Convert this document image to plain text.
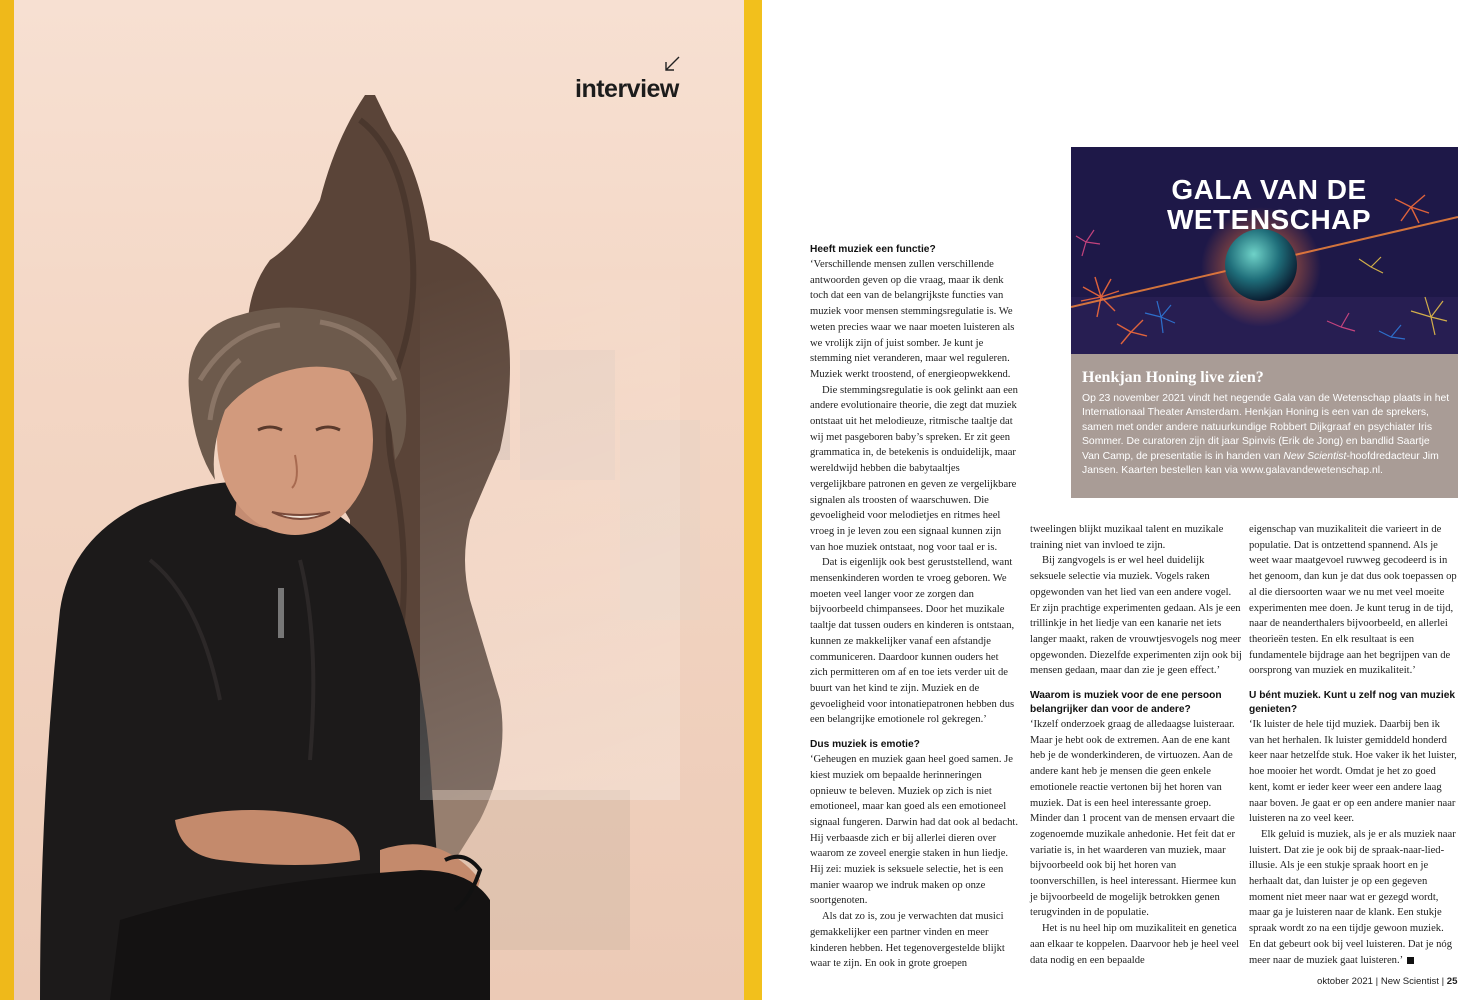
interview
Heeft muziek een functie?

‘Verschillende mensen zullen verschillende antwoorden geven op die vraag, maar ik denk toch dat een van de belangrijkste functies van muziek voor mensen stemmingsregulatie is. We weten precies waar we naar moeten luisteren als we vrolijk zijn of juist somber. Je kunt je stemming niet veranderen, maar wel reguleren. Muziek werkt troostend, of energieopwekkend.

Die stemmingsregulatie is ook gelinkt aan een andere evolutionaire theorie, die zegt dat muziek ontstaat uit het melodieuze, ritmische taaltje dat wij met pasgeboren baby’s spreken. Er zit geen grammatica in, de betekenis is onduidelijk, maar wereldwijd hebben die babytaaltjes vergelijkbare patronen en geven ze vergelijkbare signalen als troosten of waarschuwen. Die gevoeligheid voor melodietjes en ritmes heel vroeg in je leven zou een signaal kunnen zijn van hoe muziek ontstaat, nog voor taal er is.

Dat is eigenlijk ook best geruststellend, want mensenkinderen worden te vroeg geboren. We moeten veel langer voor ze zorgen dan bijvoorbeeld chimpansees. Door het muzikale taaltje dat tussen ouders en kinderen is ontstaan, kunnen ze makkelijker vanaf een afstandje communiceren. Daardoor kunnen ouders het zich permitteren om af en toe iets verder uit de buurt van het kind te zijn. Muziek en de gevoeligheid voor intonatiepatronen hebben dus een belangrijke emotionele rol gekregen.’

Dus muziek is emotie?

‘Geheugen en muziek gaan heel goed samen. Je kiest muziek om bepaalde herinneringen opnieuw te beleven. Muziek op zich is niet emotioneel, maar kan goed als een emotioneel signaal fungeren. Darwin had dat ook al bedacht. Hij verbaasde zich er bij allerlei dieren over waarom ze zoveel energie staken in hun liedje. Hij zei: muziek is seksuele selectie, het is een manier waarop we indruk maken op onze soortgenoten.

Als dat zo is, zou je verwachten dat musici gemakkelijker een partner vinden en meer kinderen hebben. Het tegenovergestelde blijkt waar te zijn. En ook in grote groepen

tweelingen blijkt muzikaal talent en muzikale training niet van invloed te zijn.

Bij zangvogels is er wel heel duidelijk seksuele selectie via muziek. Vogels raken opgewonden van het lied van een andere vogel. Er zijn prachtige experimenten gedaan. Als je een trillinkje in het liedje van een kanarie net iets langer maakt, raken de vrouwtjesvogels nog meer opgewonden. Diezelfde experimenten zijn ook bij mensen gedaan, maar dan zie je geen effect.’

Waarom is muziek voor de ene persoon belangrijker dan voor de andere?

‘Ikzelf onderzoek graag de alledaagse luisteraar. Maar je hebt ook de extremen. Aan de ene kant heb je de wonderkinderen, de virtuozen. Aan de andere kant heb je mensen die geen enkele emotionele reactie vertonen bij het horen van muziek. Dat is een heel interessante groep. Minder dan 1 procent van de mensen ervaart die zogenoemde muzikale anhedonie. Het feit dat er variatie is, in het waarderen van muziek, maar bijvoorbeeld ook bij het horen van toonverschillen, is heel interessant. Hiermee kun je bijvoorbeeld de mogelijk betrokken genen terugvinden in de populatie.

Het is nu heel hip om muzikaliteit en genetica aan elkaar te koppelen. Daarvoor heb je heel veel data nodig en een bepaalde

eigenschap van muzikaliteit die varieert in de populatie. Dat is ontzettend spannend. Als je weet waar maatgevoel ruwweg gecodeerd is in het genoom, dan kun je dat dus ook toepassen op al die diersoorten waar we nu met veel moeite experimenten mee doen. Je kunt terug in de tijd, naar de neanderthalers bijvoorbeeld, en allerlei theorieën testen. En elk resultaat is een fundamentele bijdrage aan het begrijpen van de oorsprong van muziek en muzikaliteit.’

U bént muziek. Kunt u zelf nog van muziek genieten?

‘Ik luister de hele tijd muziek. Daarbij ben ik van het herhalen. Ik luister gemiddeld honderd keer naar hetzelfde stuk. Hoe vaker ik het luister, hoe mooier het wordt. Omdat je het zo goed kent, komt er ieder keer weer een andere laag naar boven. Je gaat er op een andere manier naar luisteren na zo veel keer.

Elk geluid is muziek, als je er als muziek naar luistert. Dat zie je ook bij de spraak-naar-lied-illusie. Als je een stukje spraak hoort en je herhaalt dat, dan luister je op een gegeven moment niet meer naar wat er gezegd wordt, maar ga je luisteren naar de klank. Een stukje spraak wordt zo na een tijdje gewoon muziek. En dat gebeurt ook bij veel luisteren. Dat je nóg meer naar de muziek gaat luisteren.’

GALA VAN DE
WETENSCHAP
Henkjan Honing live zien?
Op 23 november 2021 vindt het negende Gala van de Wetenschap plaats in het Internationaal Theater Amsterdam. Henkjan Honing is een van de sprekers, samen met onder andere natuurkundige Robbert Dijkgraaf en psychiater Iris Sommer. De curatoren zijn dit jaar Spinvis (Erik de Jong) en bandlid Saartje Van Camp, de presentatie is in handen van New Scientist-hoofdredacteur Jim Jansen. Kaarten bestellen kan via www.galavandewetenschap.nl.
oktober 2021 | New Scientist | 25
